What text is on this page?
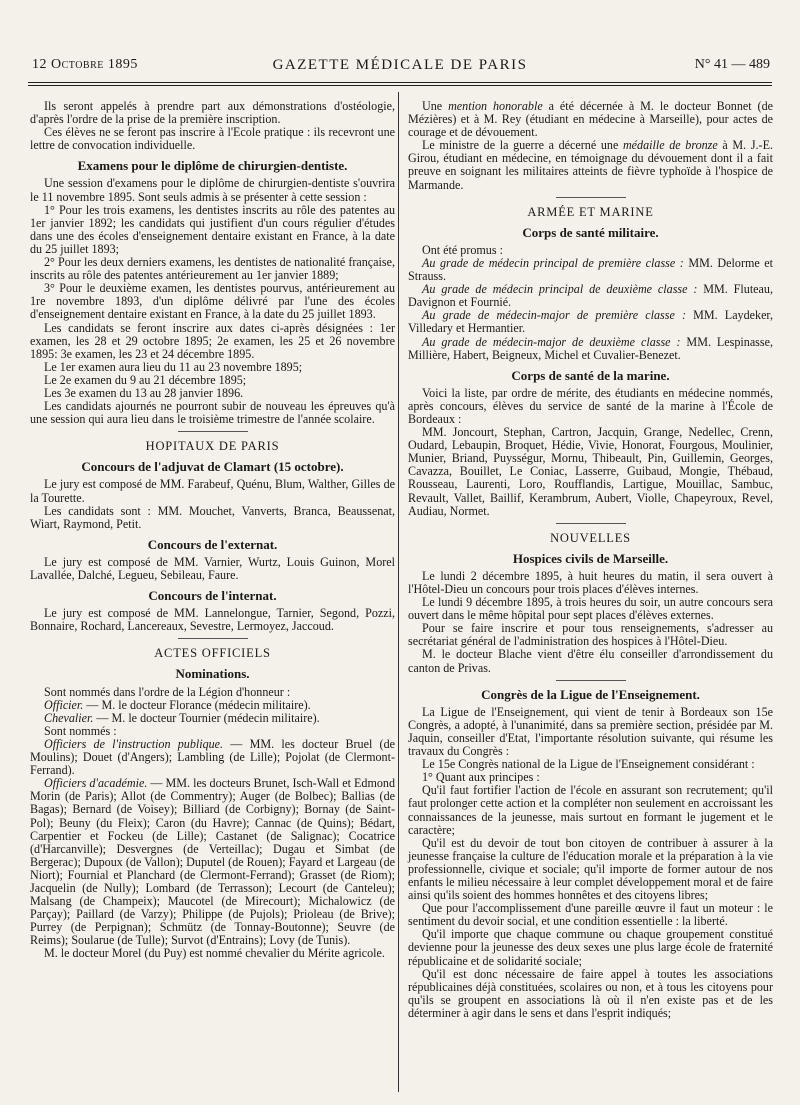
12 Octobre 1895	GAZETTE MÉDICALE DE PARIS	N° 41 — 489

Ils seront appelés à prendre part aux démonstrations d'ostéologie, d'après l'ordre de la prise de la première inscription.

Ces élèves ne se feront pas inscrire à l'Ecole pratique : ils recevront une lettre de convocation individuelle.

Examens pour le diplôme de chirurgien-dentiste.

Une session d'examens pour le diplôme de chirurgien-dentiste s'ouvrira le 11 novembre 1895. Sont seuls admis à se présenter à cette session :

1° Pour les trois examens, les dentistes inscrits au rôle des patentes au 1er janvier 1892; les candidats qui justifient d'un cours régulier d'études dans une des écoles d'enseignement dentaire existant en France, à la date du 25 juillet 1893;

2° Pour les deux derniers examens, les dentistes de nationalité française, inscrits au rôle des patentes antérieurement au 1er janvier 1889;

3° Pour le deuxième examen, les dentistes pourvus, antérieurement au 1re novembre 1893, d'un diplôme délivré par l'une des écoles d'enseignement dentaire existant en France, à la date du 25 juillet 1893.

Les candidats se feront inscrire aux dates ci-après désignées : 1er examen, les 28 et 29 octobre 1895; 2e examen, les 25 et 26 novembre 1895: 3e examen, les 23 et 24 décembre 1895.

Le 1er examen aura lieu du 11 au 23 novembre 1895;

Le 2e examen du 9 au 21 décembre 1895;

Les 3e examen du 13 au 28 janvier 1896.

Les candidats ajournés ne pourront subir de nouveau les épreuves qu'à une session qui aura lieu dans le troisième trimestre de l'année scolaire.

HOPITAUX DE PARIS
Concours de l'adjuvat de Clamart (15 octobre).

Le jury est composé de MM. Farabeuf, Quénu, Blum, Walther, Gilles de la Tourette.

Les candidats sont : MM. Mouchet, Vanverts, Branca, Beaussenat, Wiart, Raymond, Petit.

Concours de l'externat.

Le jury est composé de MM. Varnier, Wurtz, Louis Guinon, Morel Lavallée, Dalché, Legueu, Sebileau, Faure.

Concours de l'internat.

Le jury est composé de MM. Lannelongue, Tarnier, Segond, Pozzi, Bonnaire, Rochard, Lancereaux, Sevestre, Lermoyez, Jaccoud.

ACTES OFFICIELS
Nominations.

Sont nommés dans l'ordre de la Légion d'honneur :

Officier. — M. le docteur Florance (médecin militaire).

Chevalier. — M. le docteur Tournier (médecin militaire).

Sont nommés :

Officiers de l'instruction publique. — MM. les docteur Bruel (de Moulins); Douet (d'Angers); Lambling (de Lille); Pojolat (de Clermont-Ferrand).

Officiers d'académie. — MM. les docteurs Brunet, Isch-Wall et Edmond Morin (de Paris); Allot (de Commentry); Auger (de Bolbec); Ballias (de Bagas); Bernard (de Voisey); Billiard (de Corbigny); Bornay (de Saint-Pol); Beuny (du Fleix); Caron (du Havre); Cannac (de Quins); Bédart, Carpentier et Fockeu (de Lille); Castanet (de Salignac); Cocatrice (d'Harcanville); Desvergnes (de Verteillac); Dugau et Simbat (de Bergerac); Dupoux (de Vallon); Duputel (de Rouen); Fayard et Largeau (de Niort); Fournial et Planchard (de Clermont-Ferrand); Grasset (de Riom); Jacquelin (de Nully); Lombard (de Terrasson); Lecourt (de Canteleu); Malsang (de Champeix); Maucotel (de Mirecourt); Michalowicz (de Parçay); Paillard (de Varzy); Philippe (de Pujols); Prioleau (de Brive); Purrey (de Perpignan); Schmütz (de Tonnay-Boutonne); Seuvre (de Reims); Soularue (de Tulle); Survot (d'Entrains); Lovy (de Tunis).

M. le docteur Morel (du Puy) est nommé chevalier du Mérite agricole.

Une mention honorable a été décernée à M. le docteur Bonnet (de Mézières) et à M. Rey (étudiant en médecine à Marseille), pour actes de courage et de dévouement.

Le ministre de la guerre a décerné une médaille de bronze à M. J.-E. Girou, étudiant en médecine, en témoignage du dévouement dont il a fait preuve en soignant les militaires atteints de fièvre typhoïde à l'hospice de Marmande.

ARMÉE ET MARINE
Corps de santé militaire.

Ont été promus :

Au grade de médecin principal de première classe : MM. Delorme et Strauss.

Au grade de médecin principal de deuxième classe : MM. Fluteau, Davignon et Fournié.

Au grade de médecin-major de première classe : MM. Laydeker, Villedary et Hermantier.

Au grade de médecin-major de deuxième classe : MM. Lespinasse, Millière, Habert, Beigneux, Michel et Cuvalier-Benezet.

Corps de santé de la marine.

Voici la liste, par ordre de mérite, des étudiants en médecine nommés, après concours, élèves du service de santé de la marine à l'École de Bordeaux :

MM. Joncourt, Stephan, Cartron, Jacquin, Grange, Nedellec, Crenn, Oudard, Lebaupin, Broquet, Hédie, Vivie, Honorat, Fourgous, Moulinier, Munier, Briand, Puysségur, Mornu, Thibeault, Pin, Guillemin, Georges, Cavazza, Bouillet, Le Coniac, Lasserre, Guibaud, Mongie, Thébaud, Rousseau, Laurenti, Loro, Roufflandis, Lartigue, Mouillac, Sambuc, Revault, Vallet, Baillif, Kerambrum, Aubert, Violle, Chapeyroux, Revel, Audiau, Normet.

NOUVELLES
Hospices civils de Marseille.

Le lundi 2 décembre 1895, à huit heures du matin, il sera ouvert à l'Hôtel-Dieu un concours pour trois places d'élèves internes.

Le lundi 9 décembre 1895, à trois heures du soir, un autre concours sera ouvert dans le même hôpital pour sept places d'élèves externes.

Pour se faire inscrire et pour tous renseignements, s'adresser au secrétariat général de l'administration des hospices à l'Hôtel-Dieu.

M. le docteur Blache vient d'être élu conseiller d'arrondissement du canton de Privas.

Congrès de la Ligue de l'Enseignement.

La Ligue de l'Enseignement, qui vient de tenir à Bordeaux son 15e Congrès, a adopté, à l'unanimité, dans sa première section, présidée par M. Jaquin, conseiller d'Etat, l'importante résolution suivante, qui résume les travaux du Congrès :

Le 15e Congrès national de la Ligue de l'Enseignement considérant :

1° Quant aux principes :

Qu'il faut fortifier l'action de l'école en assurant son recrutement; qu'il faut prolonger cette action et la compléter non seulement en accroissant les connaissances de la jeunesse, mais surtout en formant le jugement et le caractère;

Qu'il est du devoir de tout bon citoyen de contribuer à assurer à la jeunesse française la culture de l'éducation morale et la préparation à la vie professionnelle, civique et sociale; qu'il importe de former autour de nos enfants le milieu nécessaire à leur complet développement moral et de faire ainsi qu'ils soient des hommes honnêtes et des citoyens libres;

Que pour l'accomplissement d'une pareille œuvre il faut un moteur : le sentiment du devoir social, et une condition essentielle : la liberté.

Qu'il importe que chaque commune ou chaque groupement constitué devienne pour la jeunesse des deux sexes une plus large école de fraternité républicaine et de solidarité sociale;

Qu'il est donc nécessaire de faire appel à toutes les associations républicaines déjà constituées, scolaires ou non, et à tous les citoyens pour qu'ils se groupent en associations là où il n'en existe pas et de les déterminer à agir dans le sens et dans l'esprit indiqués;
